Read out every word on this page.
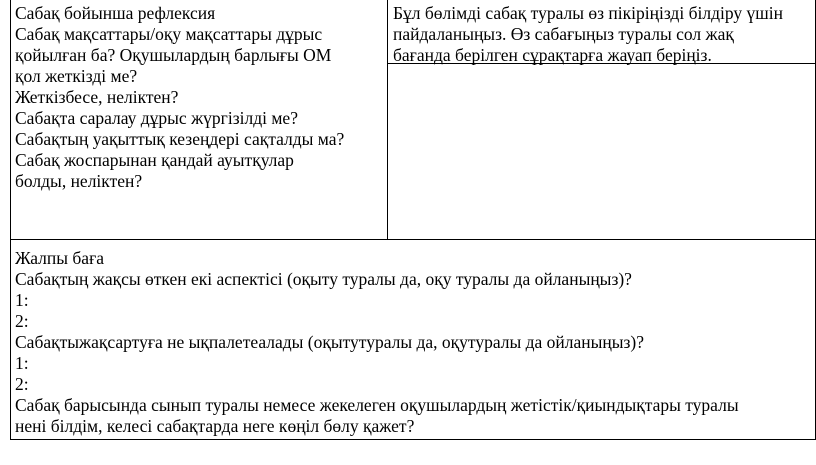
Сабақ бойынша рефлексия

Сабақ мақсаттары/оқу мақсаттары дұрыс

қойылған ба? Оқушылардың барлығы ОМ

қол жеткізді ме?

Жеткізбесе, неліктен?

Сабақта саралау дұрыс жүргізілді ме?

Сабақтың уақыттық кезеңдері сақталды ма?

Сабақ жоспарынан қандай ауытқулар

болды, неліктен?

Бұл бөлімді сабақ туралы өз пікіріңізді білдіру үшін

пайдаланыңыз. Өз сабағыңыз туралы сол жақ

бағанда берілген сұрақтарға жауап беріңіз.

Жалпы баға

Сабақтың жақсы өткен екі аспектісі (оқыту туралы да, оқу туралы да ойланыңыз)?

1:

2:

Сабақтыжақсартуға не ықпалетеалады (оқытутуралы да, оқутуралы да ойланыңыз)?

1:

2:

Сабақ барысында сынып туралы немесе жекелеген оқушылардың жетістік/қиындықтары туралы

нені білдім, келесі сабақтарда неге көңіл бөлу қажет?
